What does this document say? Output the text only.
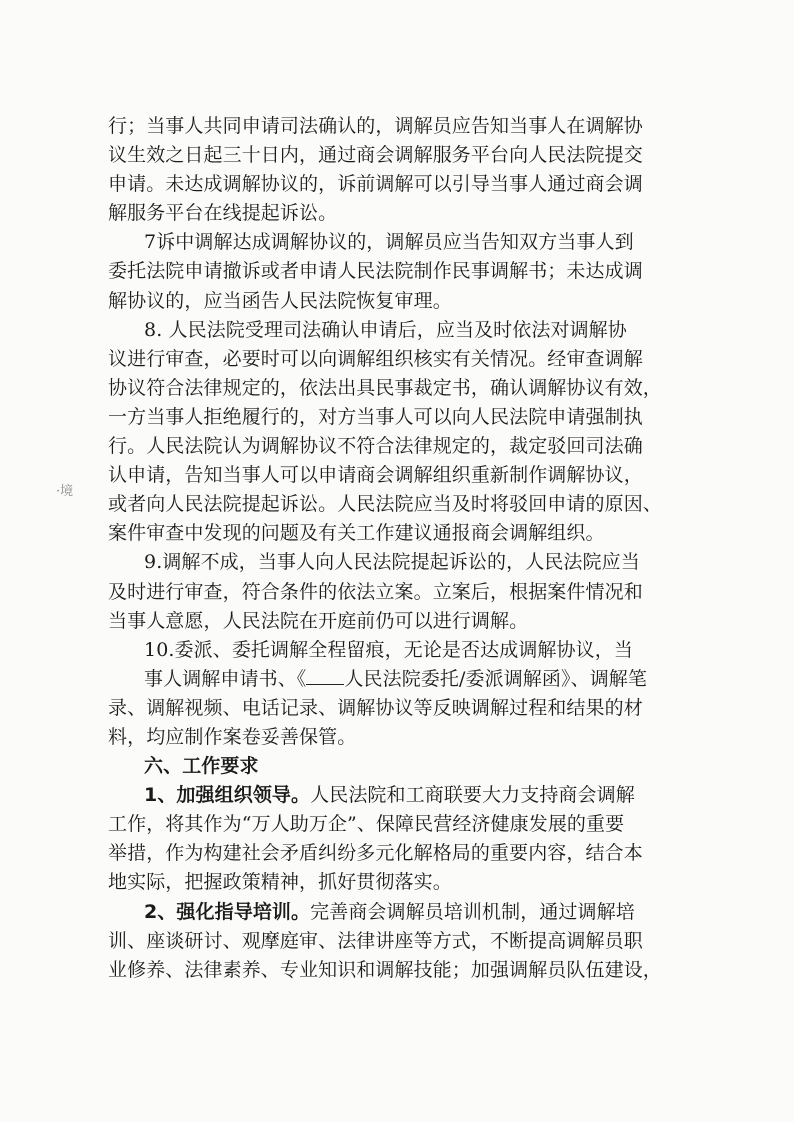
·境
行；当事人共同申请司法确认的，调解员应告知当事人在调解协
议生效之日起三十日内，通过商会调解服务平台向人民法院提交
申请。未达成调解协议的，诉前调解可以引导当事人通过商会调
解服务平台在线提起诉讼。
7诉中调解达成调解协议的，调解员应当告知双方当事人到
委托法院申请撤诉或者申请人民法院制作民事调解书；未达成调
解协议的，应当函告人民法院恢复审理。
8. 人民法院受理司法确认申请后，应当及时依法对调解协
议进行审查，必要时可以向调解组织核实有关情况。经审查调解
协议符合法律规定的，依法出具民事裁定书，确认调解协议有效，
一方当事人拒绝履行的，对方当事人可以向人民法院申请强制执
行。人民法院认为调解协议不符合法律规定的，裁定驳回司法确
认申请，告知当事人可以申请商会调解组织重新制作调解协议，
或者向人民法院提起诉讼。人民法院应当及时将驳回申请的原因、
案件审查中发现的问题及有关工作建议通报商会调解组织。
9.调解不成，当事人向人民法院提起诉讼的，人民法院应当
及时进行审查，符合条件的依法立案。立案后，根据案件情况和
当事人意愿，人民法院在开庭前仍可以进行调解。
10.委派、委托调解全程留痕，无论是否达成调解协议，当
事人调解申请书、《 人民法院委托/委派调解函》、调解笔
录、调解视频、电话记录、调解协议等反映调解过程和结果的材
料，均应制作案卷妥善保管。
六、工作要求
1、加强组织领导。人民法院和工商联要大力支持商会调解
工作，将其作为“万人助万企”、保障民营经济健康发展的重要
举措，作为构建社会矛盾纠纷多元化解格局的重要内容，结合本
地实际，把握政策精神，抓好贯彻落实。
2、强化指导培训。完善商会调解员培训机制，通过调解培
训、座谈研讨、观摩庭审、法律讲座等方式，不断提高调解员职
业修养、法律素养、专业知识和调解技能；加强调解员队伍建设，
